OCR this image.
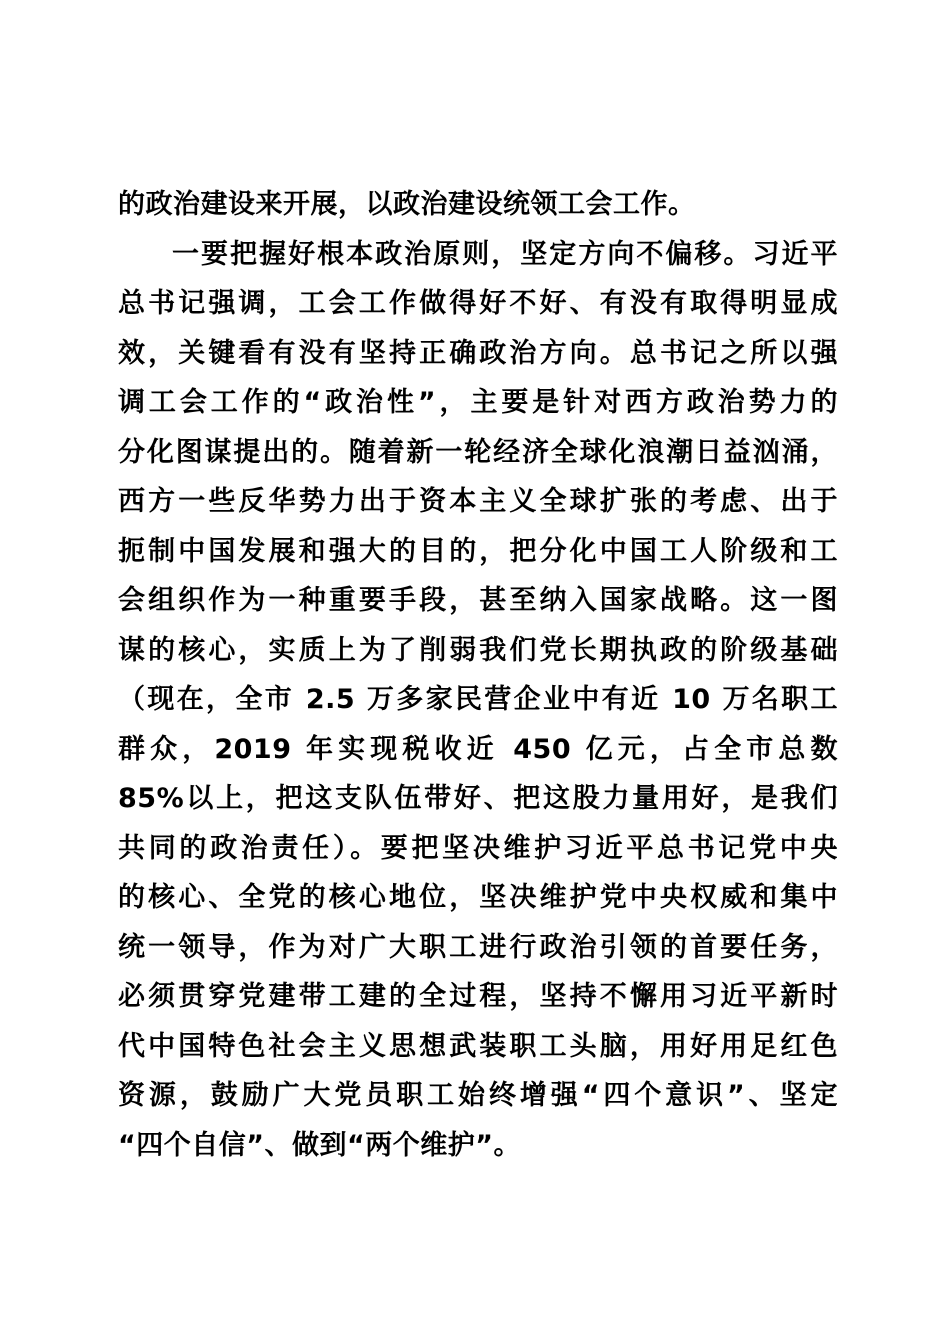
的政治建设来开展，以政治建设统领工会工作。
一要把握好根本政治原则，坚定方向不偏移。习近平
总书记强调，工会工作做得好不好、有没有取得明显成
效，关键看有没有坚持正确政治方向。总书记之所以强
调工会工作的“政治性”，主要是针对西方政治势力的
分化图谋提出的。随着新一轮经济全球化浪潮日益汹涌，
西方一些反华势力出于资本主义全球扩张的考虑、出于
扼制中国发展和强大的目的，把分化中国工人阶级和工
会组织作为一种重要手段，甚至纳入国家战略。这一图
谋的核心，实质上为了削弱我们党长期执政的阶级基础
（现在，全市 2.5 万多家民营企业中有近 10 万名职工
群众，2019 年实现税收近 450 亿元，占全市总数
85%以上，把这支队伍带好、把这股力量用好，是我们
共同的政治责任）。要把坚决维护习近平总书记党中央
的核心、全党的核心地位，坚决维护党中央权威和集中
统一领导，作为对广大职工进行政治引领的首要任务，
必须贯穿党建带工建的全过程，坚持不懈用习近平新时
代中国特色社会主义思想武装职工头脑，用好用足红色
资源，鼓励广大党员职工始终增强“四个意识”、坚定
“四个自信”、做到“两个维护”。
